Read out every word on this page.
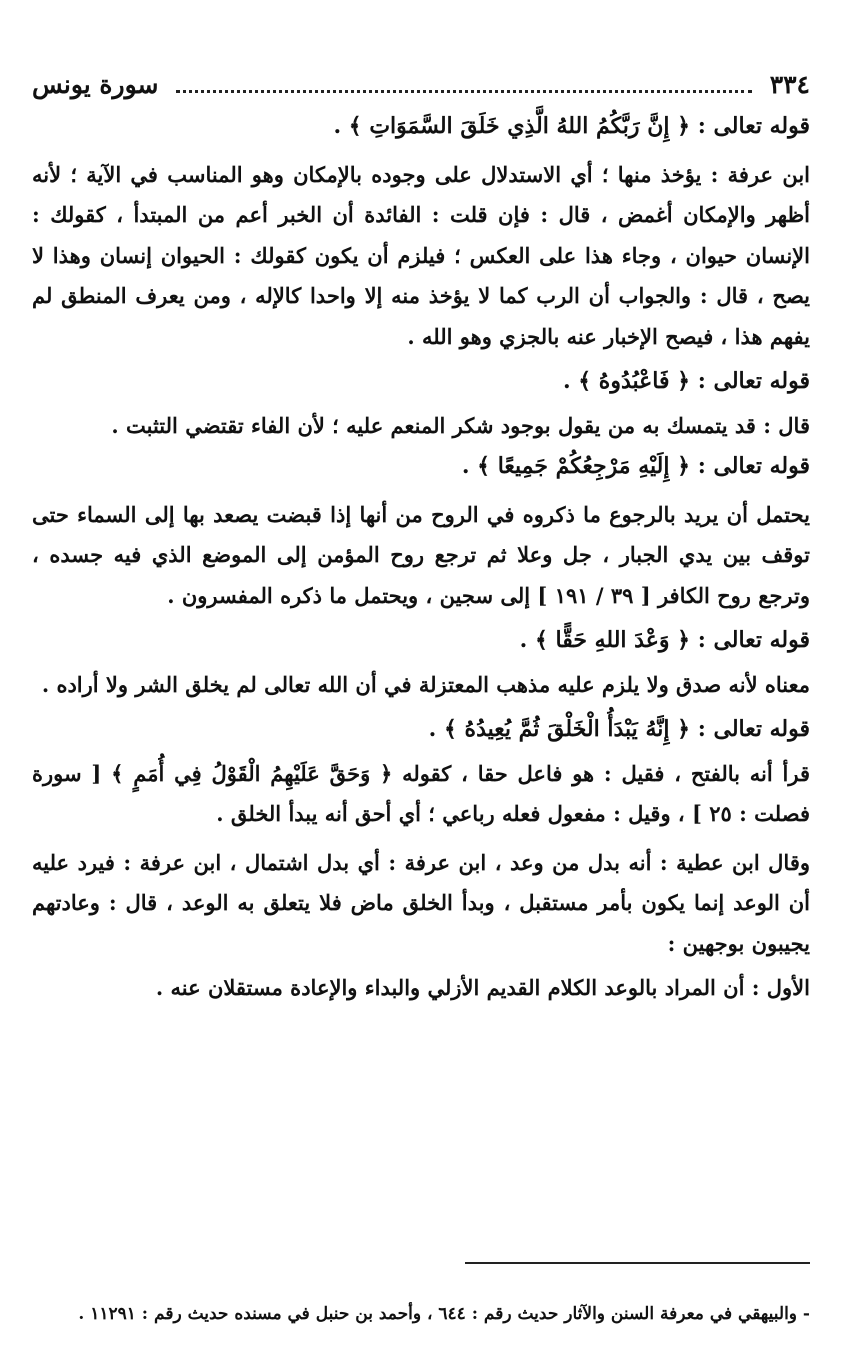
٣٣٤
سورة يونس

قوله تعالى : ﴿ إِنَّ رَبَّكُمُ اللهُ الَّذِي خَلَقَ السَّمَوَاتِ ﴾ .

ابن عرفة : يؤخذ منها ؛ أي الاستدلال على وجوده بالإمكان وهو المناسب في الآية ؛ لأنه أظهر والإمكان أغمض ، قال : فإن قلت : الفائدة أن الخبر أعم من المبتدأ ، كقولك : الإنسان حيوان ، وجاء هذا على العكس ؛ فيلزم أن يكون كقولك : الحيوان إنسان وهذا لا يصح ، قال : والجواب أن الرب كما لا يؤخذ منه إلا واحدا كالإله ، ومن يعرف المنطق لم يفهم هذا ، فيصح الإخبار عنه بالجزي وهو الله .

قوله تعالى : ﴿ فَاعْبُدُوهُ ﴾ .

قال : قد يتمسك به من يقول بوجود شكر المنعم عليه ؛ لأن الفاء تقتضي التثبت .

قوله تعالى : ﴿ إِلَيْهِ مَرْجِعُكُمْ جَمِيعًا ﴾ .

يحتمل أن يريد بالرجوع ما ذكروه في الروح من أنها إذا قبضت يصعد بها إلى السماء حتى توقف بين يدي الجبار ، جل وعلا ثم ترجع روح المؤمن إلى الموضع الذي فيه جسده ، وترجع روح الكافر [ ٣٩ / ١٩١ ] إلى سجين ، ويحتمل ما ذكره المفسرون .

قوله تعالى : ﴿ وَعْدَ اللهِ حَقًّا ﴾ .

معناه لأنه صدق ولا يلزم عليه مذهب المعتزلة في أن الله تعالى لم يخلق الشر ولا أراده .

قوله تعالى : ﴿ إِنَّهُ يَبْدَأُ الْخَلْقَ ثُمَّ يُعِيدُهُ ﴾ .

قرأ أنه بالفتح ، فقيل : هو فاعل حقا ، كقوله ﴿ وَحَقَّ عَلَيْهِمُ الْقَوْلُ فِي أُمَمٍ ﴾ [ سورة فصلت : ٢٥ ] ، وقيل : مفعول فعله رباعي ؛ أي أحق أنه يبدأ الخلق .

وقال ابن عطية : أنه بدل من وعد ، ابن عرفة : أي بدل اشتمال ، ابن عرفة : فيرد عليه أن الوعد إنما يكون بأمر مستقبل ، وبدأ الخلق ماض فلا يتعلق به الوعد ، قال : وعادتهم يجيبون بوجهين :

الأول : أن المراد بالوعد الكلام القديم الأزلي والبداء والإعادة مستقلان عنه .

- والبيهقي في معرفة السنن والآثار حديث رقم : ٦٤٤ ، وأحمد بن حنبل في مسنده حديث رقم : ١١٢٩١ .
